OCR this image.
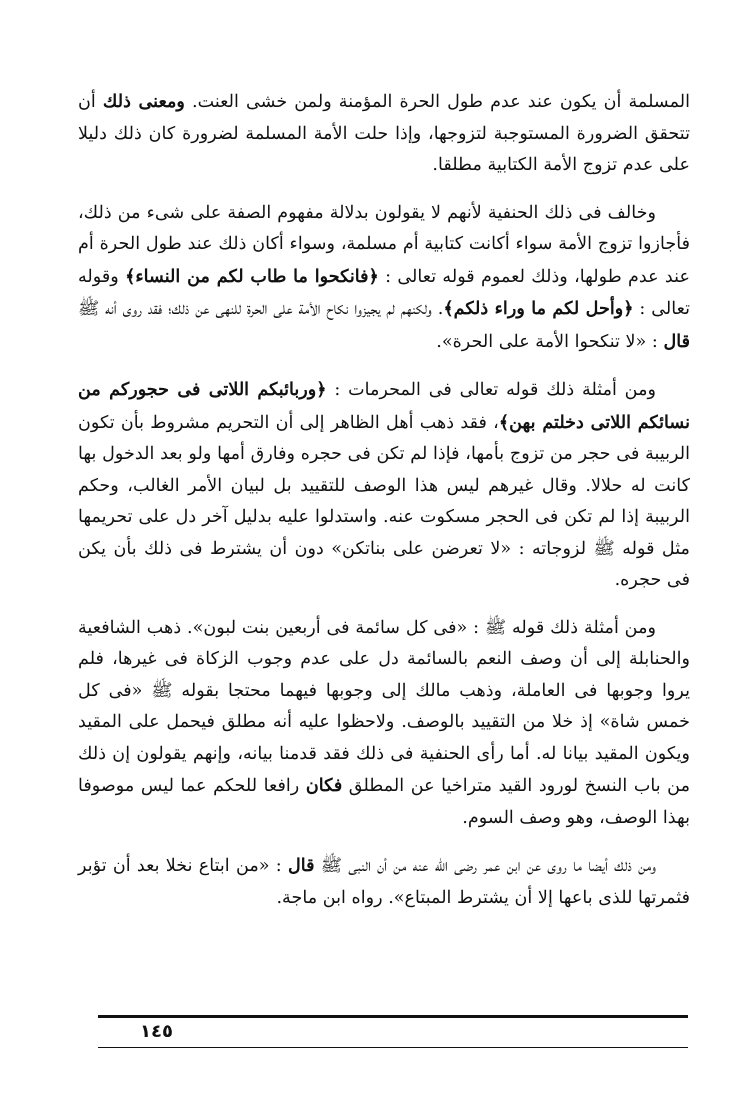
المسلمة أن يكون عند عدم طول الحرة المؤمنة ولمن خشى العنت. ومعنى ذلك أن تتحقق الضرورة المستوجبة لتزوجها، وإذا حلت الأمة المسلمة لضرورة كان ذلك دليلا على عدم تزوج الأمة الكتابية مطلقا.

وخالف فى ذلك الحنفية لأنهم لا يقولون بدلالة مفهوم الصفة على شىء من ذلك، فأجازوا تزوج الأمة سواء أكانت كتابية أم مسلمة، وسواء أكان ذلك عند طول الحرة أم عند عدم طولها، وذلك لعموم قوله تعالى : ﴿فانكحوا ما طاب لكم من النساء﴾ وقوله تعالى : ﴿وأحل لكم ما وراء ذلكم﴾. ولكنهم لم يجيزوا نكاح الأمة على الحرة للنهى عن ذلك؛ فقد روى أنه ﷺ قال : «لا تنكحوا الأمة على الحرة».

ومن أمثلة ذلك قوله تعالى فى المحرمات : ﴿وربائبكم اللاتى فى حجوركم من نسائكم اللاتى دخلتم بهن﴾، فقد ذهب أهل الظاهر إلى أن التحريم مشروط بأن تكون الربيبة فى حجر من تزوج بأمها، فإذا لم تكن فى حجره وفارق أمها ولو بعد الدخول بها كانت له حلالا. وقال غيرهم ليس هذا الوصف للتقييد بل لبيان الأمر الغالب، وحكم الربيبة إذا لم تكن فى الحجر مسكوت عنه. واستدلوا عليه بدليل آخر دل على تحريمها مثل قوله ﷺ لزوجاته : «لا تعرضن على بناتكن» دون أن يشترط فى ذلك بأن يكن فى حجره.

ومن أمثلة ذلك قوله ﷺ : «فى كل سائمة فى أربعين بنت لبون». ذهب الشافعية والحنابلة إلى أن وصف النعم بالسائمة دل على عدم وجوب الزكاة فى غيرها، فلم يروا وجوبها فى العاملة، وذهب مالك إلى وجوبها فيهما محتجا بقوله ﷺ «فى كل خمس شاة» إذ خلا من التقييد بالوصف. ولاحظوا عليه أنه مطلق فيحمل على المقيد ويكون المقيد بيانا له. أما رأى الحنفية فى ذلك فقد قدمنا بيانه، وإنهم يقولون إن ذلك من باب النسخ لورود القيد متراخيا عن المطلق فكان رافعا للحكم عما ليس موصوفا بهذا الوصف، وهو وصف السوم.

ومن ذلك أيضا ما روى عن ابن عمر رضى الله عنه من أن النبى ﷺ قال : «من ابتاع نخلا بعد أن تؤبر فثمرتها للذى باعها إلا أن يشترط المبتاع». رواه ابن ماجة.

١٤٥
